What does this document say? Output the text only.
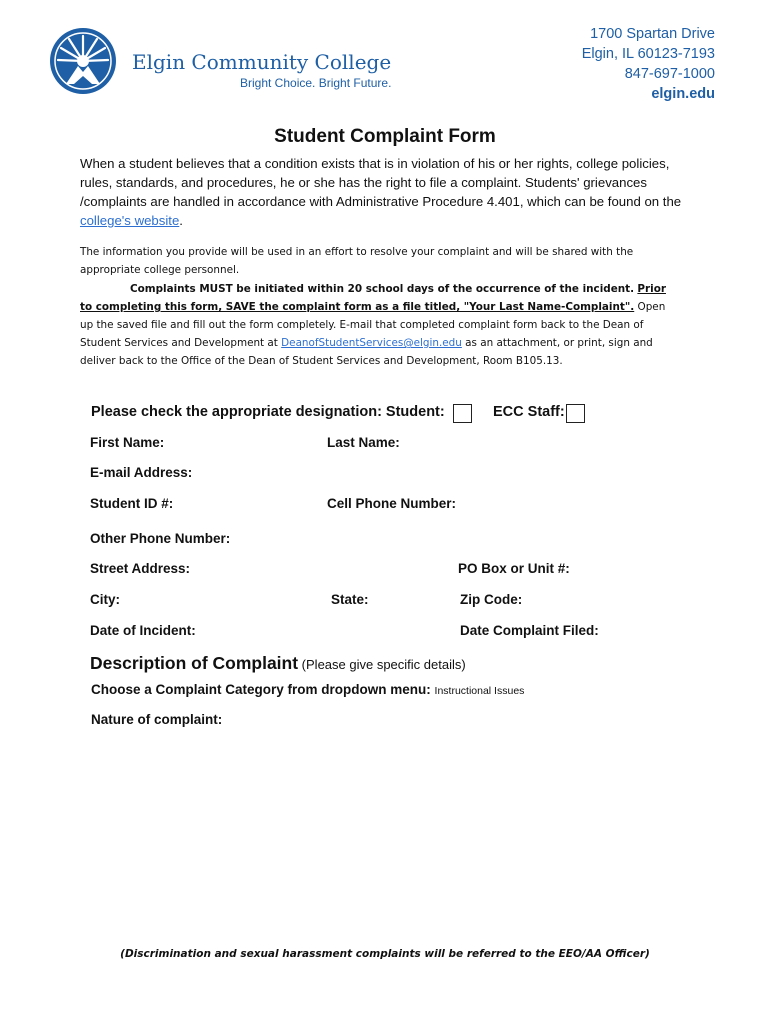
Elgin Community College
Bright Choice. Bright Future.
1700 Spartan Drive
Elgin, IL 60123-7193
847-697-1000
elgin.edu
Student Complaint Form
When a student believes that a condition exists that is in violation of his or her rights, college policies, rules, standards, and procedures, he or she has the right to file a complaint. Students' grievances /complaints are handled in accordance with Administrative Procedure 4.401, which can be found on the college's website.
The information you provide will be used in an effort to resolve your complaint and will be shared with the appropriate college personnel.
Complaints MUST be initiated within 20 school days of the occurrence of the incident. Prior to completing this form, SAVE the complaint form as a file titled, "Your Last Name-Complaint". Open up the saved file and fill out the form completely. E-mail that completed complaint form back to the Dean of Student Services and Development at DeanofStudentServices@elgin.edu as an attachment, or print, sign and deliver back to the Office of the Dean of Student Services and Development, Room B105.13.
Please check the appropriate designation: Student:	ECC Staff:
First Name:	Last Name:
E-mail Address:
Student ID #:	Cell Phone Number:
Other Phone Number:
Street Address:	PO Box or Unit #:
City:	State:	Zip Code:
Date of Incident:	Date Complaint Filed:
Description of Complaint (Please give specific details)
Choose a Complaint Category from dropdown menu: Instructional Issues
Nature of complaint:
(Discrimination and sexual harassment complaints will be referred to the EEO/AA Officer)
